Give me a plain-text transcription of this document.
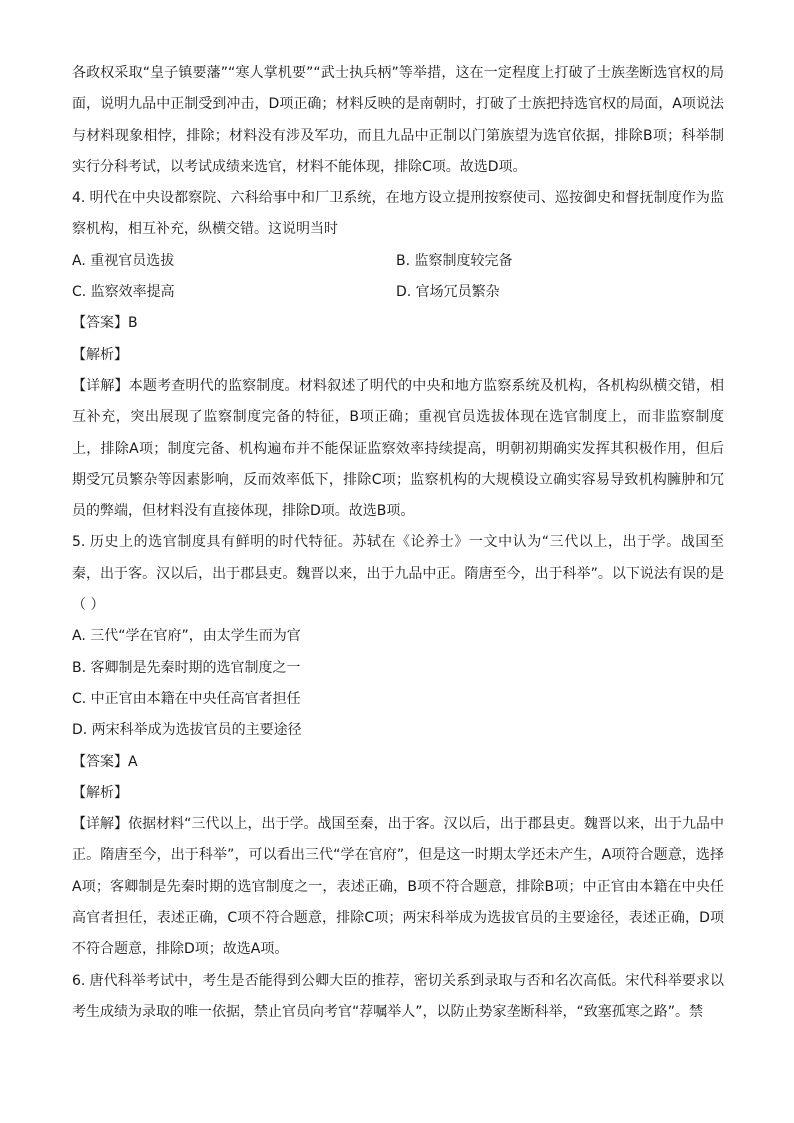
各政权采取“皇子镇要藩”“寒人掌机要”“武士执兵柄”等举措，这在一定程度上打破了士族垄断选官权的局面，说明九品中正制受到冲击，D项正确；材料反映的是南朝时，打破了士族把持选官权的局面，A项说法与材料现象相悖，排除；材料没有涉及军功，而且九品中正制以门第族望为选官依据，排除B项；科举制实行分科考试，以考试成绩来选官，材料不能体现，排除C项。故选D项。

4. 明代在中央设都察院、六科给事中和厂卫系统，在地方设立提刑按察使司、巡按御史和督抚制度作为监察机构，相互补充，纵横交错。这说明当时

A. 重视官员选拔	B. 监察制度较完备
C. 监察效率提高	D. 官场冗员繁杂

【答案】B

【解析】

【详解】本题考查明代的监察制度。材料叙述了明代的中央和地方监察系统及机构，各机构纵横交错，相互补充，突出展现了监察制度完备的特征，B项正确；重视官员选拔体现在选官制度上，而非监察制度上，排除A项；制度完备、机构遍布并不能保证监察效率持续提高，明朝初期确实发挥其积极作用，但后期受冗员繁杂等因素影响，反而效率低下，排除C项；监察机构的大规模设立确实容易导致机构臃肿和冗员的弊端，但材料没有直接体现，排除D项。故选B项。

5. 历史上的选官制度具有鲜明的时代特征。苏轼在《论养士》一文中认为“三代以上，出于学。战国至秦，出于客。汉以后，出于郡县吏。魏晋以来，出于九品中正。隋唐至今，出于科举”。以下说法有误的是（ ）

A. 三代“学在官府”，由太学生而为官

B. 客卿制是先秦时期的选官制度之一

C. 中正官由本籍在中央任高官者担任

D. 两宋科举成为选拔官员的主要途径

【答案】A

【解析】

【详解】依据材料“三代以上，出于学。战国至秦，出于客。汉以后，出于郡县吏。魏晋以来，出于九品中正。隋唐至今，出于科举”，可以看出三代“学在官府”，但是这一时期太学还未产生，A项符合题意，选择A项；客卿制是先秦时期的选官制度之一，表述正确，B项不符合题意，排除B项；中正官由本籍在中央任高官者担任，表述正确，C项不符合题意，排除C项；两宋科举成为选拔官员的主要途径，表述正确，D项不符合题意，排除D项；故选A项。

6. 唐代科举考试中，考生是否能得到公卿大臣的推荐，密切关系到录取与否和名次高低。宋代科举要求以考生成绩为录取的唯一依据，禁止官员向考官“荐嘱举人”，以防止势家垄断科举，“致塞孤寒之路”。禁
